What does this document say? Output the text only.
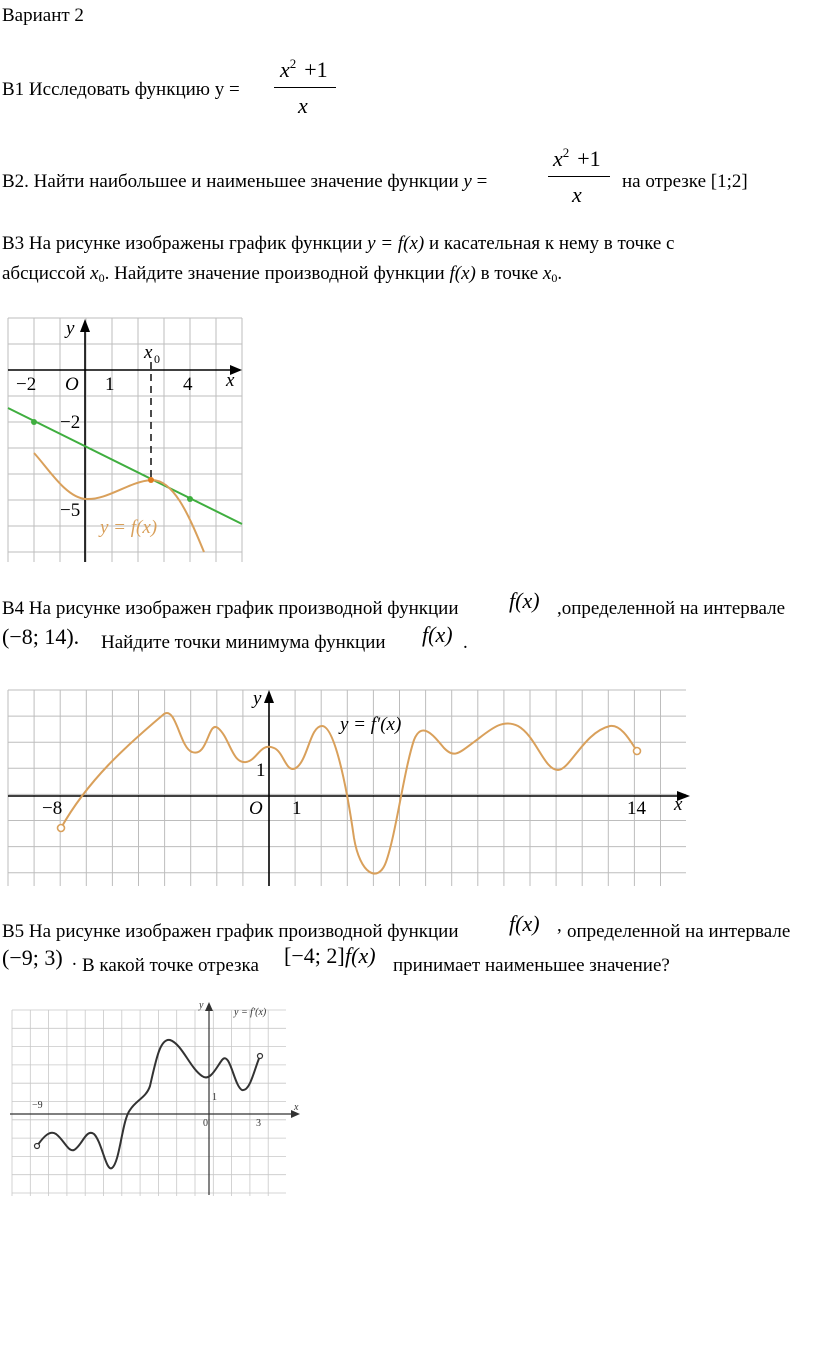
Вариант 2
В1 Исследовать функцию у =
$x^2 +1$
x
В2. Найти наибольшее и наименьшее значение функции y =
$x^2 +1$
x
на отрезке [1;2]
В3 На рисунке изображены график функции y = f(x) и касательная к нему в точке с
абсциссой $x_0$. Найдите значение производной функции f(x) в точке $x_0$.
y
x
x 0
−2 O 1	4
−2
−5
y = f(x)
В4 На рисунке изображен график производной функции f(x) ,определенной на интервале
(−8; 14). Найдите точки минимума функции f(x) .
y
x
y = f′(x)
−8	O 1	14
1
В5 На рисунке изображен график производной функции f(x) , определенной на интервале
(−9; 3) . В какой точке отрезка [−4; 2] f(x) принимает наименьшее значение?
y
x
y = f′(x)
−9
0	3
1
